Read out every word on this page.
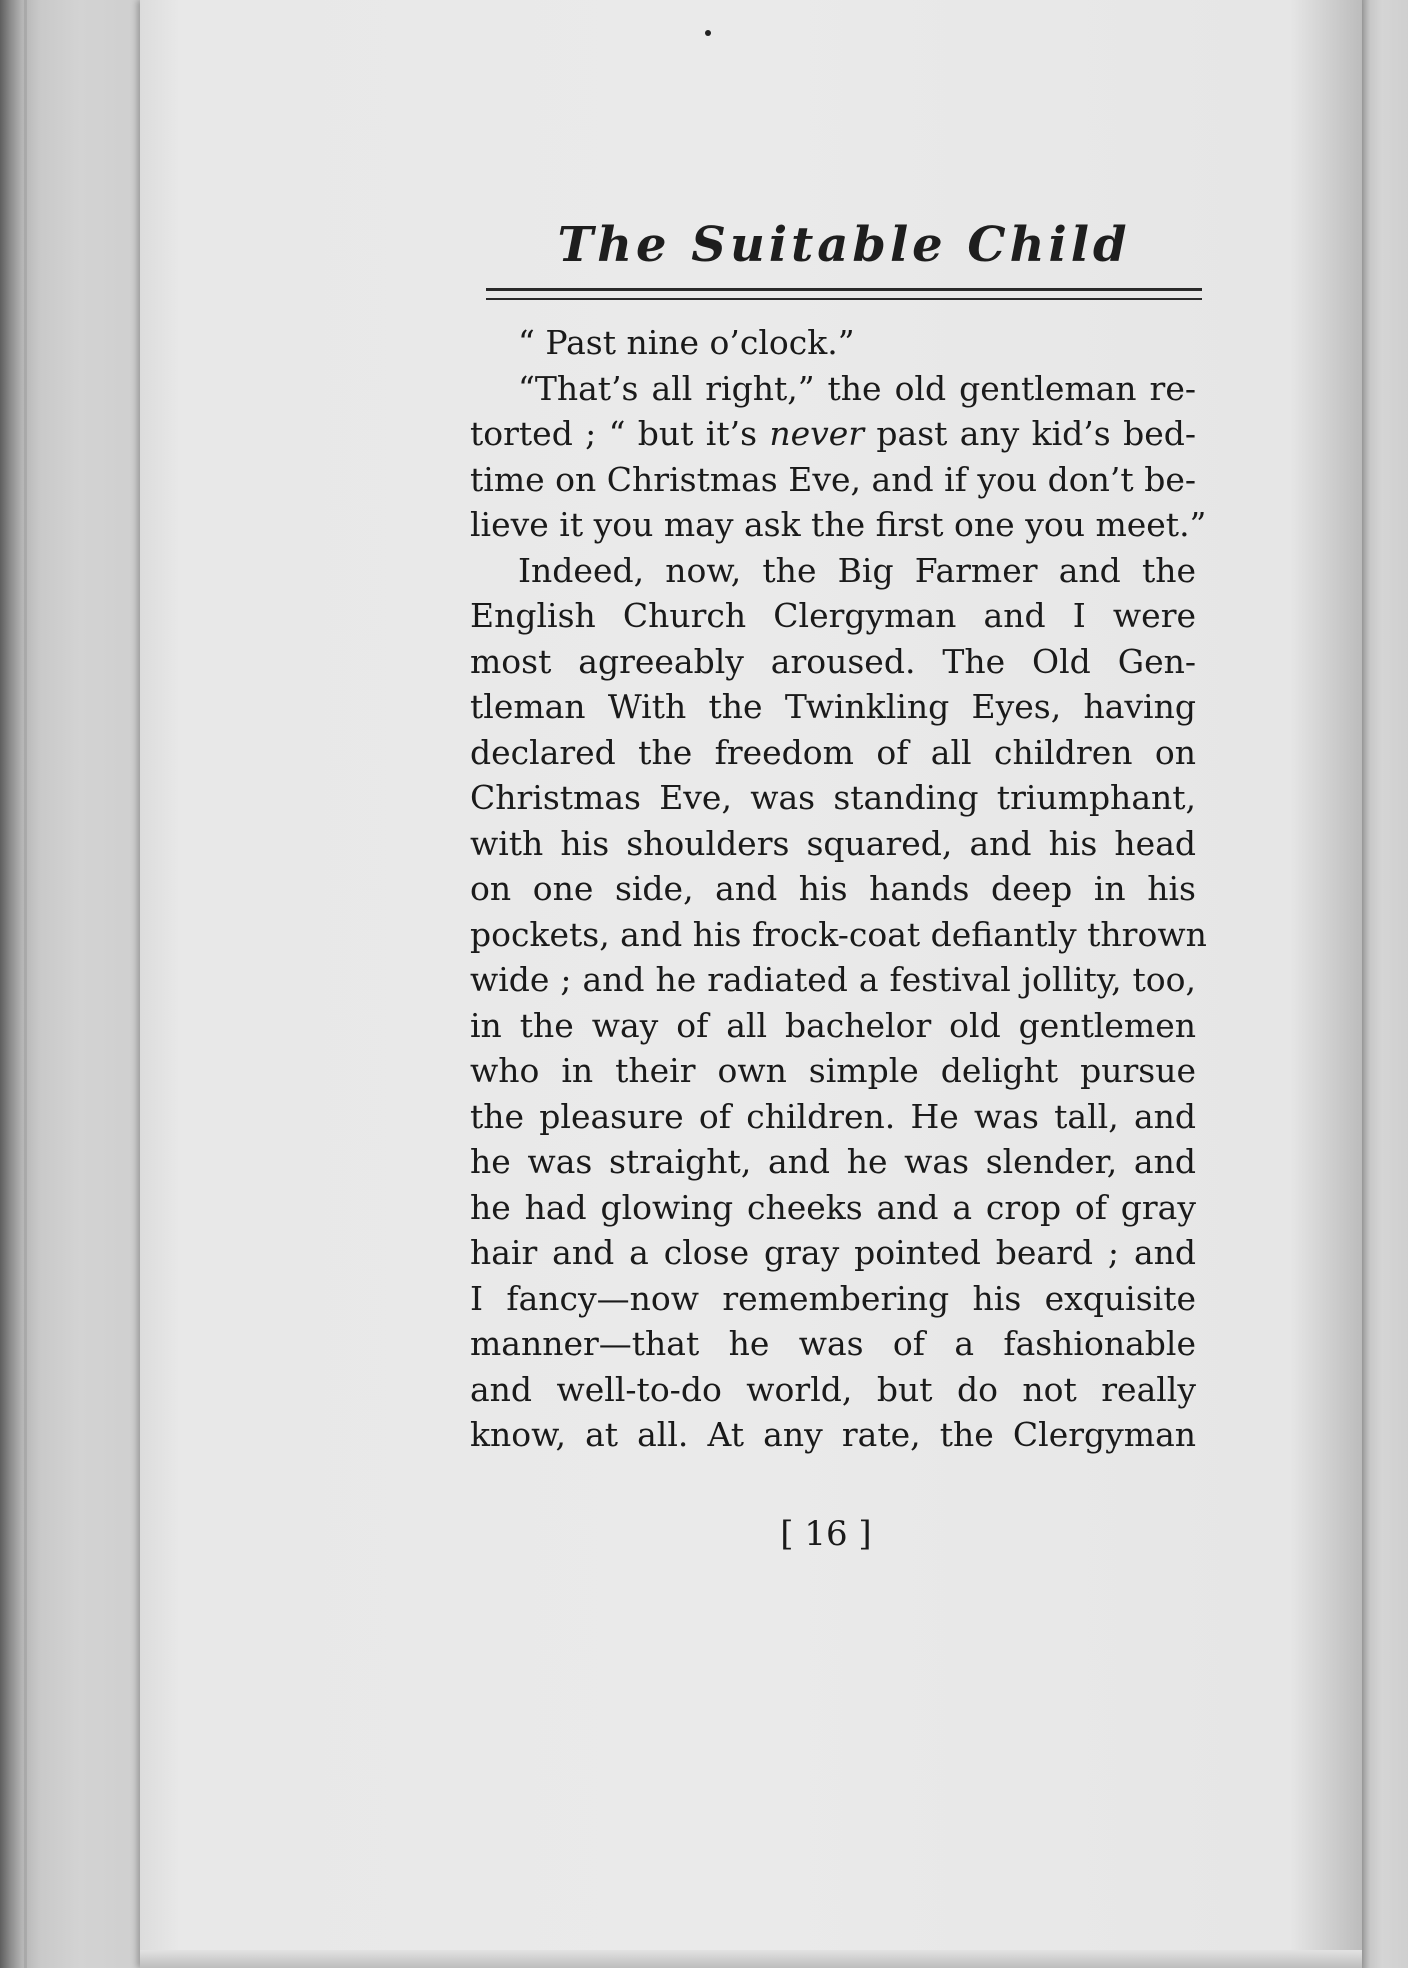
The Suitable Child
“ Past nine o’clock.”
“That’s all right,” the old gentleman re-
torted ; “ but it’s never past any kid’s bed-
time on Christmas Eve, and if you don’t be-
lieve it you may ask the first one you meet.”
Indeed, now, the Big Farmer and the
English Church Clergyman and I were
most agreeably aroused. The Old Gen-
tleman With the Twinkling Eyes, having
declared the freedom of all children on
Christmas Eve, was standing triumphant,
with his shoulders squared, and his head
on one side, and his hands deep in his
pockets, and his frock-coat defiantly thrown
wide ; and he radiated a festival jollity, too,
in the way of all bachelor old gentlemen
who in their own simple delight pursue
the pleasure of children. He was tall, and
he was straight, and he was slender, and
he had glowing cheeks and a crop of gray
hair and a close gray pointed beard ; and
I fancy—now remembering his exquisite
manner—that he was of a fashionable
and well-to-do world, but do not really
know, at all. At any rate, the Clergyman

[ 16 ]
